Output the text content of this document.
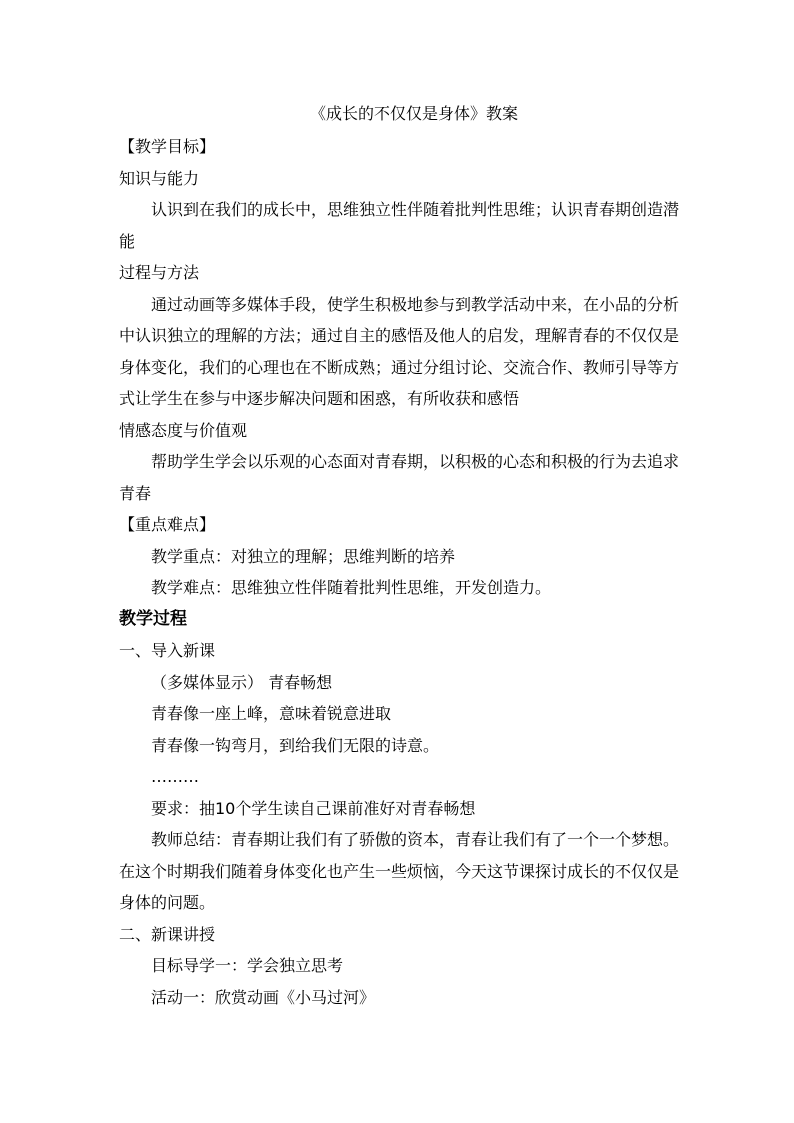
《成长的不仅仅是身体》教案
【教学目标】
知识与能力
认识到在我们的成长中，思维独立性伴随着批判性思维；认识青春期创造潜能
过程与方法
通过动画等多媒体手段，使学生积极地参与到教学活动中来，在小品的分析中认识独立的理解的方法；通过自主的感悟及他人的启发，理解青春的不仅仅是身体变化，我们的心理也在不断成熟；通过分组讨论、交流合作、教师引导等方式让学生在参与中逐步解决问题和困惑，有所收获和感悟
情感态度与价值观
帮助学生学会以乐观的心态面对青春期，以积极的心态和积极的行为去追求青春
【重点难点】
教学重点：对独立的理解；思维判断的培养
教学难点：思维独立性伴随着批判性思维，开发创造力。
教学过程
一、导入新课
（多媒体显示） 青春畅想
青春像一座上峰，意味着锐意进取
青春像一钩弯月，到给我们无限的诗意。
………
要求：抽10个学生读自己课前准好对青春畅想
教师总结：青春期让我们有了骄傲的资本，青春让我们有了一个一个梦想。在这个时期我们随着身体变化也产生一些烦恼，今天这节课探讨成长的不仅仅是身体的问题。
二、新课讲授
目标导学一：学会独立思考
活动一：欣赏动画《小马过河》
